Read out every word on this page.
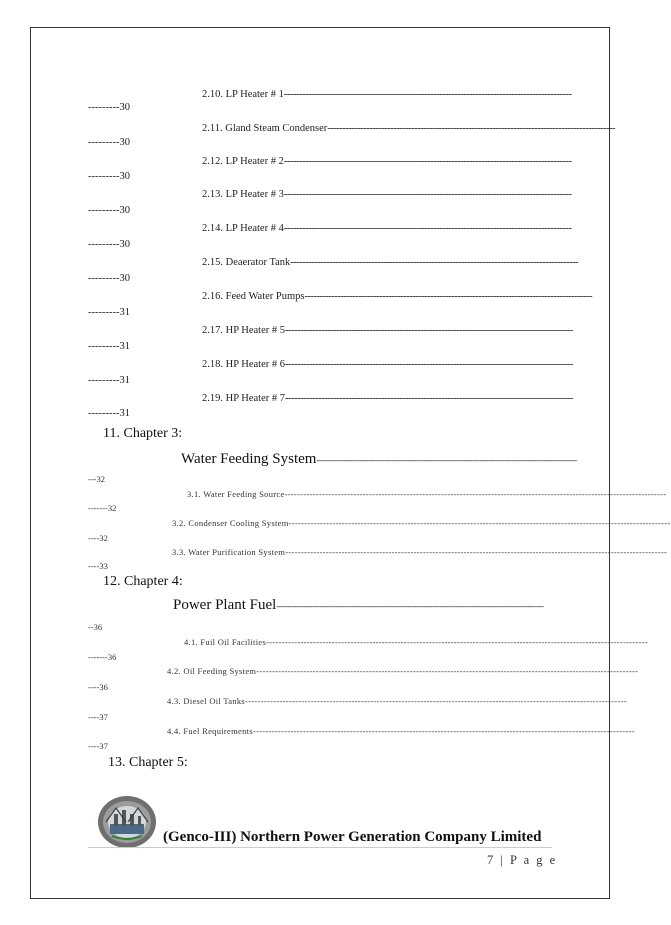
2.10. LP Heater # 1------------------------------------------------------------------------------------------------
---------30
2.11. Gland Steam Condenser------------------------------------------------------------------------------------------------
---------30
2.12. LP Heater # 2------------------------------------------------------------------------------------------------
---------30
2.13. LP Heater # 3------------------------------------------------------------------------------------------------
---------30
2.14. LP Heater # 4------------------------------------------------------------------------------------------------
---------30
2.15. Deaerator Tank------------------------------------------------------------------------------------------------
---------30
2.16. Feed Water Pumps------------------------------------------------------------------------------------------------
---------31
2.17. HP Heater # 5------------------------------------------------------------------------------------------------
---------31
2.18. HP Heater # 6------------------------------------------------------------------------------------------------
---------31
2.19. HP Heater # 7------------------------------------------------------------------------------------------------
---------31
11. Chapter 3:
Water Feeding System-------------------------------------------------------------------------------------------------------------------
---32
3.1. Water Feeding Source--------------------------------------------------------------------------------------------------------------------------
-------32
3.2. Condenser Cooling System--------------------------------------------------------------------------------------------------------------------------
----32
3.3. Water Purification System--------------------------------------------------------------------------------------------------------------------------
----33
12. Chapter 4:
Power Plant Fuel----------------------------------------------------------------------------------------------------------------------
--36
4.1. Fuil Oil Facilities--------------------------------------------------------------------------------------------------------------------------
-------36
4.2. Oil Feeding System--------------------------------------------------------------------------------------------------------------------------
----36
4.3. Diesel Oil Tanks--------------------------------------------------------------------------------------------------------------------------
----37
4.4. Fuel Requirements--------------------------------------------------------------------------------------------------------------------------
----37
13. Chapter 5:
(Genco-III) Northern Power Generation Company Limited
7 | P a g e
